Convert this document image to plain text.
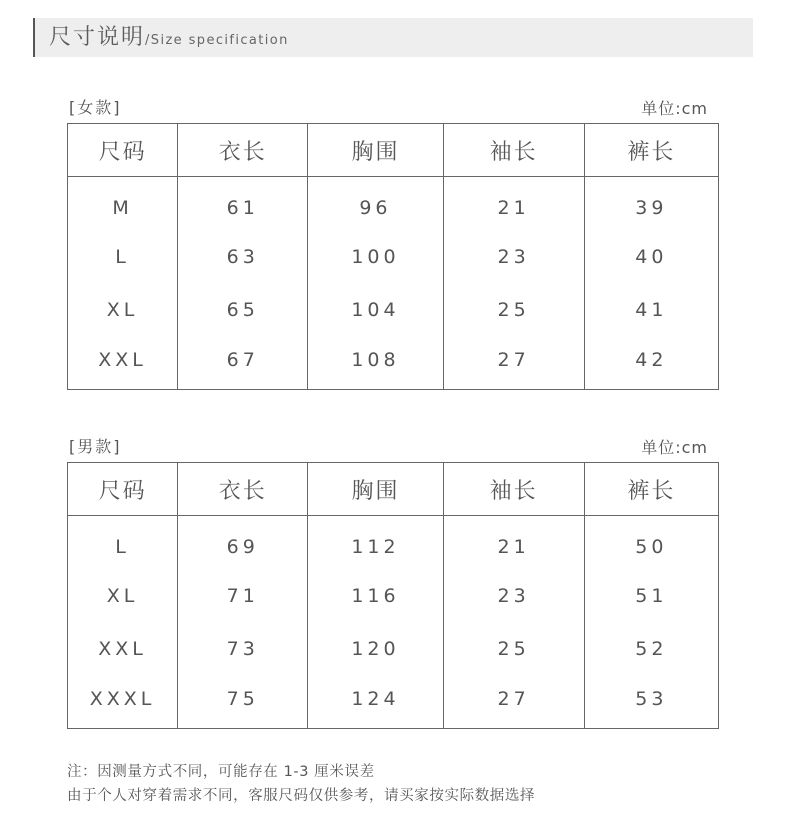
尺寸说明/Size specification
[女款]	单位:cm
尺码	衣长	胸围	袖长	裤长
M	61	96	21	39
L	63	100	23	40
XL	65	104	25	41
XXL	67	108	27	42
[男款]	单位:cm
尺码	衣长	胸围	袖长	裤长
L	69	112	21	50
XL	71	116	23	51
XXL	73	120	25	52
XXXL	75	124	27	53
注：因测量方式不同，可能存在 1-3 厘米误差
由于个人对穿着需求不同，客服尺码仅供参考，请买家按实际数据选择
